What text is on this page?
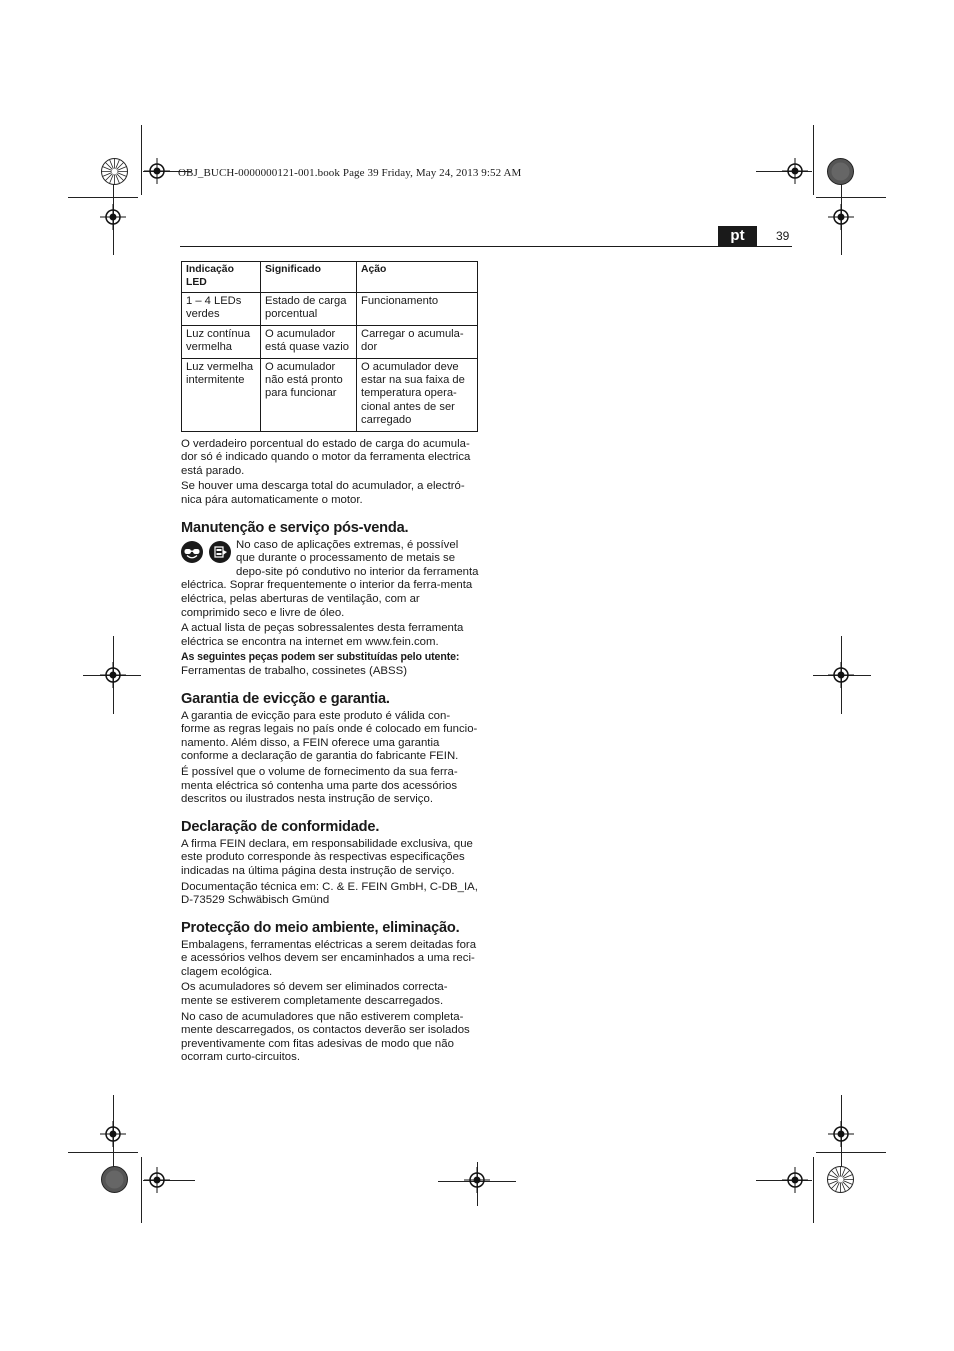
OBJ_BUCH-0000000121-001.book Page 39 Friday, May 24, 2013 9:52 AM
pt	39
Indicação LED	Significado	Ação
1 – 4 LEDs verdes	Estado de carga porcentual	Funcionamento
Luz contínua vermelha	O acumulador está quase vazio	Carregar o acumula-dor
Luz vermelha intermitente	O acumulador não está pronto para funcionar	O acumulador deve estar na sua faixa de temperatura opera-cional antes de ser carregado

O verdadeiro porcentual do estado de carga do acumula-dor só é indicado quando o motor da ferramenta electrica está parado.

Se houver uma descarga total do acumulador, a electró-nica pára automaticamente o motor.

Manutenção e serviço pós-venda.

No caso de aplicações extremas, é possível que durante o processamento de metais se depo-site pó condutivo no interior da ferramenta

eléctrica. Soprar frequentemente o interior da ferra-menta eléctrica, pelas aberturas de ventilação, com ar comprimido seco e livre de óleo.

A actual lista de peças sobressalentes desta ferramenta eléctrica se encontra na internet em www.fein.com.

As seguintes peças podem ser substituídas pelo utente:

Ferramentas de trabalho, cossinetes (ABSS)

Garantia de evicção e garantia.

A garantia de evicção para este produto é válida con-forme as regras legais no país onde é colocado em funcio-namento. Além disso, a FEIN oferece uma garantia conforme a declaração de garantia do fabricante FEIN.

É possível que o volume de fornecimento da sua ferra-menta eléctrica só contenha uma parte dos acessórios descritos ou ilustrados nesta instrução de serviço.

Declaração de conformidade.

A firma FEIN declara, em responsabilidade exclusiva, que este produto corresponde às respectivas especificações indicadas na última página desta instrução de serviço.

Documentação técnica em: C. & E. FEIN GmbH, C-DB_IA, D-73529 Schwäbisch Gmünd

Protecção do meio ambiente, eliminação.

Embalagens, ferramentas eléctricas a serem deitadas fora e acessórios velhos devem ser encaminhados a uma reci-clagem ecológica.

Os acumuladores só devem ser eliminados correcta-mente se estiverem completamente descarregados.

No caso de acumuladores que não estiverem completa-mente descarregados, os contactos deverão ser isolados preventivamente com fitas adesivas de modo que não ocorram curto-circuitos.
